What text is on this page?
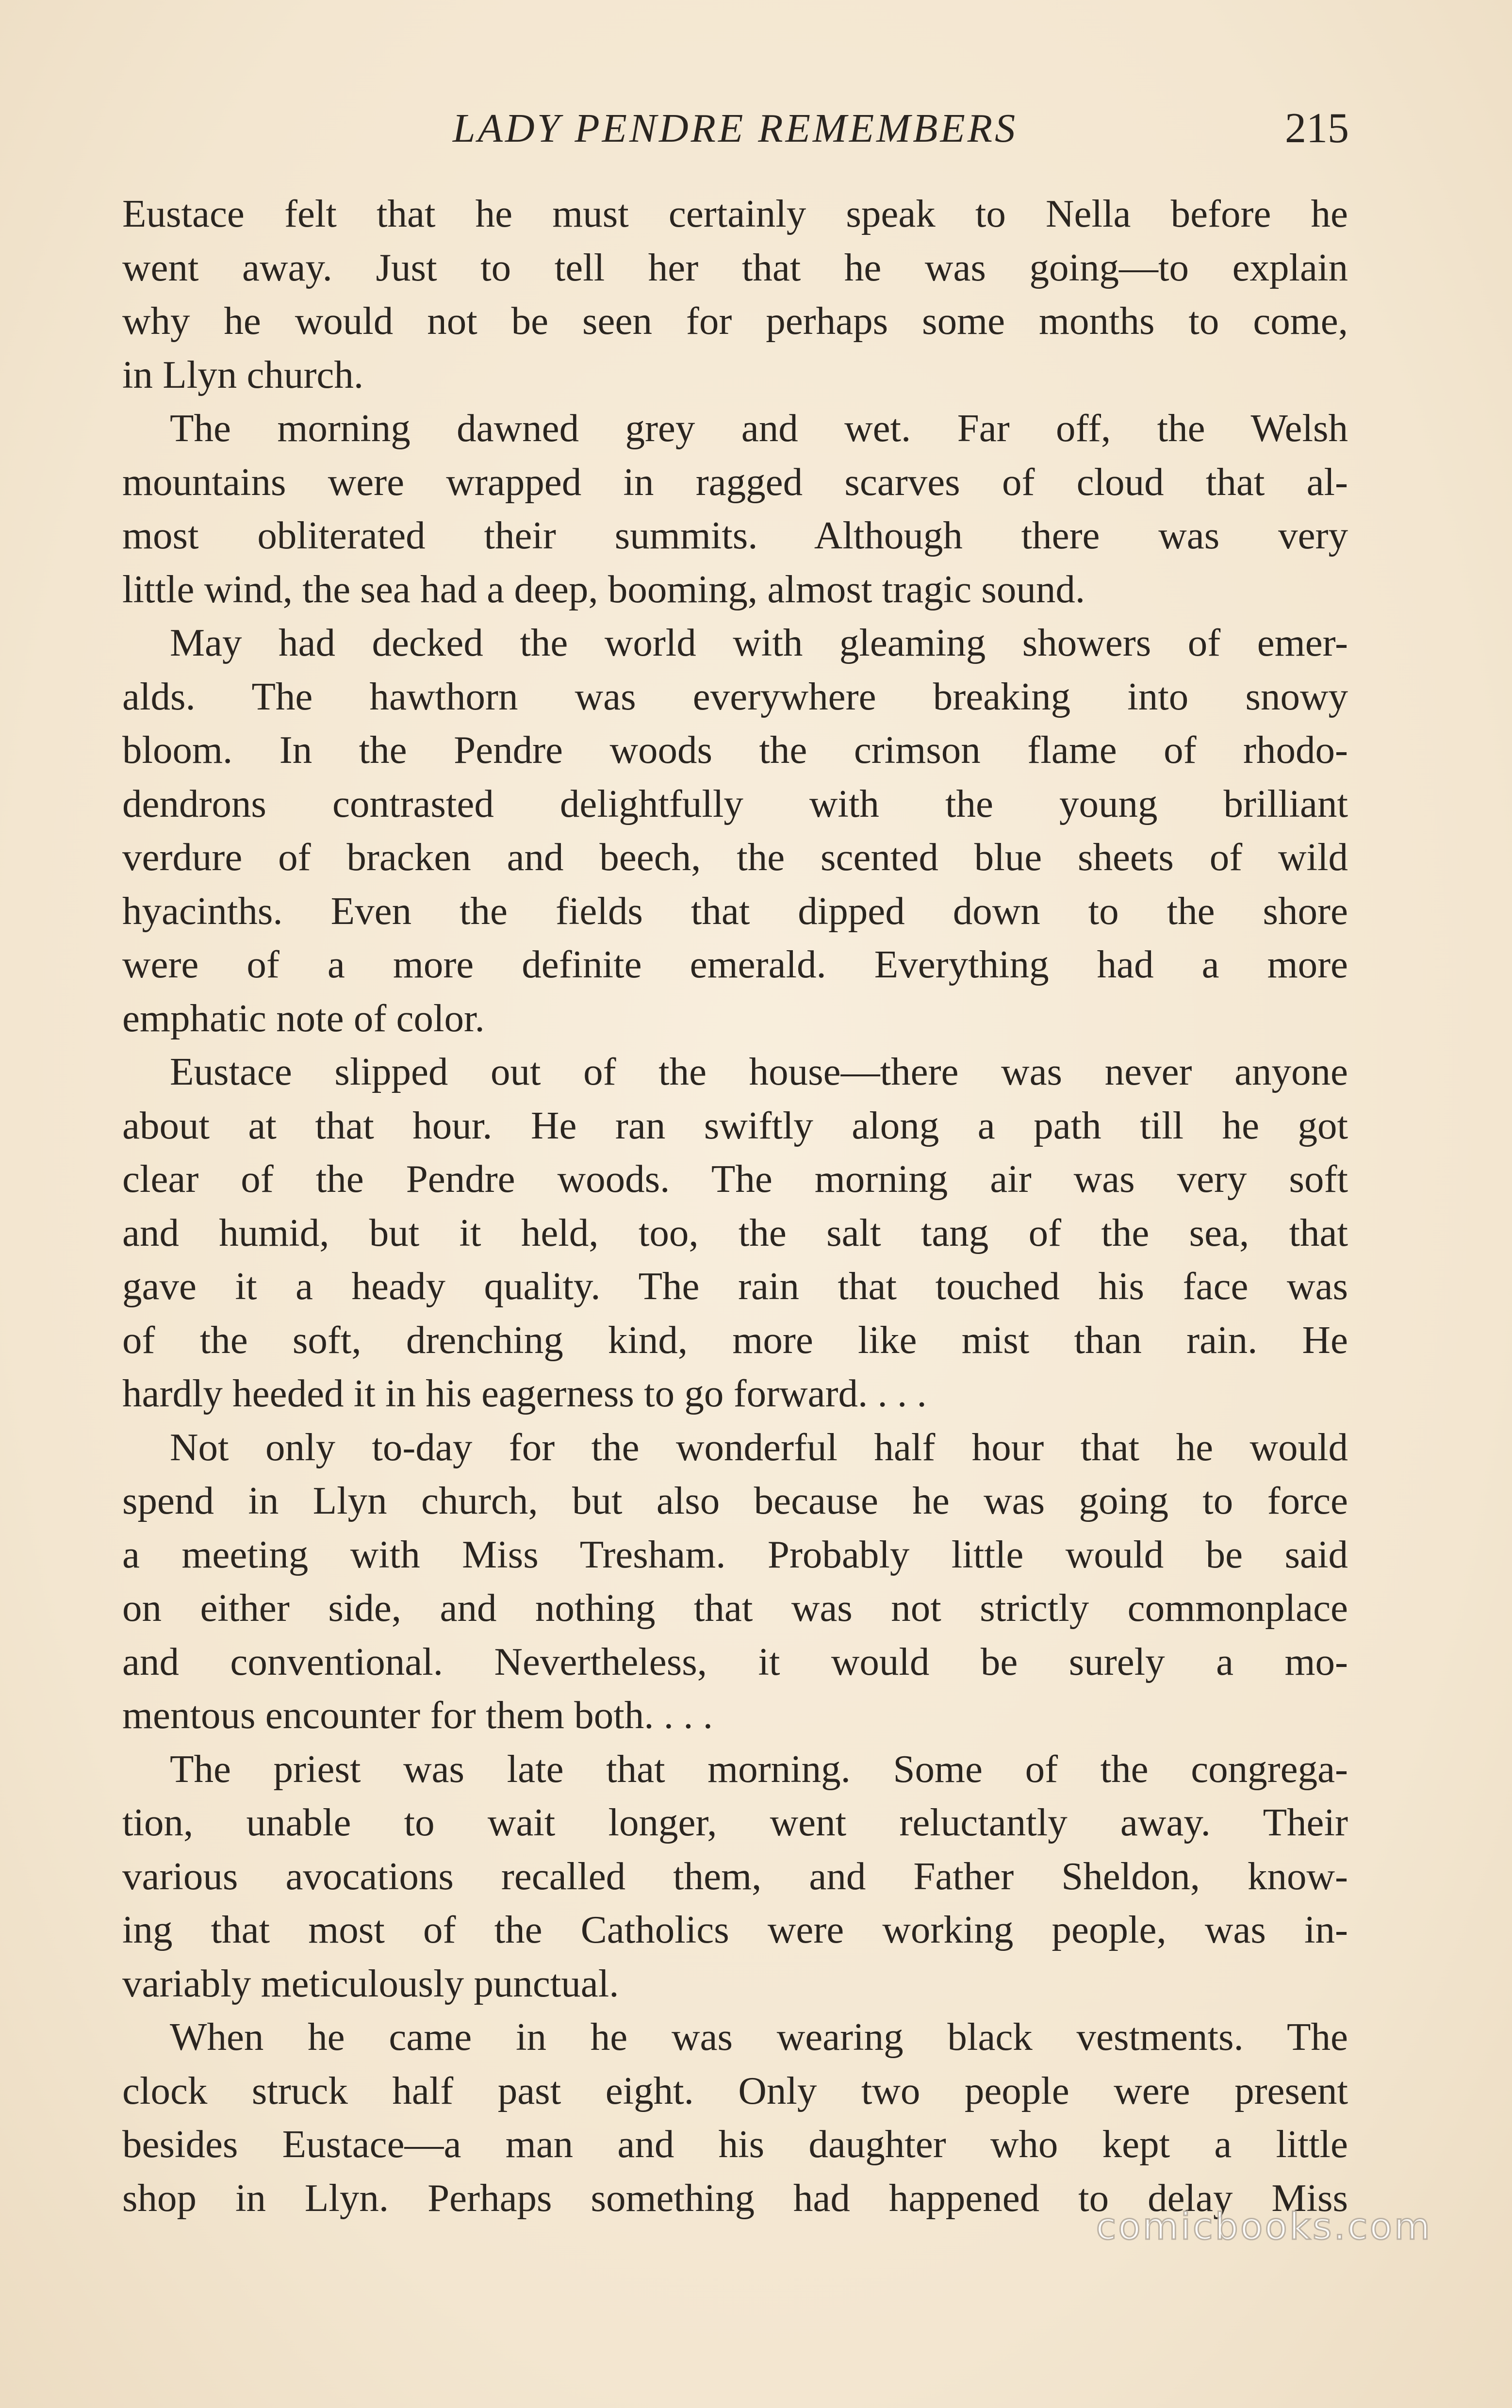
LADY PENDRE REMEMBERS	215
Eustace felt that he must certainly speak to Nella before he
went away. Just to tell her that he was going—to explain
why he would not be seen for perhaps some months to come,
in Llyn church.
The morning dawned grey and wet. Far off, the Welsh
mountains were wrapped in ragged scarves of cloud that al-
most obliterated their summits. Although there was very
little wind, the sea had a deep, booming, almost tragic sound.
May had decked the world with gleaming showers of emer-
alds. The hawthorn was everywhere breaking into snowy
bloom. In the Pendre woods the crimson flame of rhodo-
dendrons contrasted delightfully with the young brilliant
verdure of bracken and beech, the scented blue sheets of wild
hyacinths. Even the fields that dipped down to the shore
were of a more definite emerald. Everything had a more
emphatic note of color.
Eustace slipped out of the house—there was never anyone
about at that hour. He ran swiftly along a path till he got
clear of the Pendre woods. The morning air was very soft
and humid, but it held, too, the salt tang of the sea, that
gave it a heady quality. The rain that touched his face was
of the soft, drenching kind, more like mist than rain. He
hardly heeded it in his eagerness to go forward. . . .
Not only to-day for the wonderful half hour that he would
spend in Llyn church, but also because he was going to force
a meeting with Miss Tresham. Probably little would be said
on either side, and nothing that was not strictly commonplace
and conventional. Nevertheless, it would be surely a mo-
mentous encounter for them both. . . .
The priest was late that morning. Some of the congrega-
tion, unable to wait longer, went reluctantly away. Their
various avocations recalled them, and Father Sheldon, know-
ing that most of the Catholics were working people, was in-
variably meticulously punctual.
When he came in he was wearing black vestments. The
clock struck half past eight. Only two people were present
besides Eustace—a man and his daughter who kept a little
shop in Llyn. Perhaps something had happened to delay Miss
comicbooks.com
